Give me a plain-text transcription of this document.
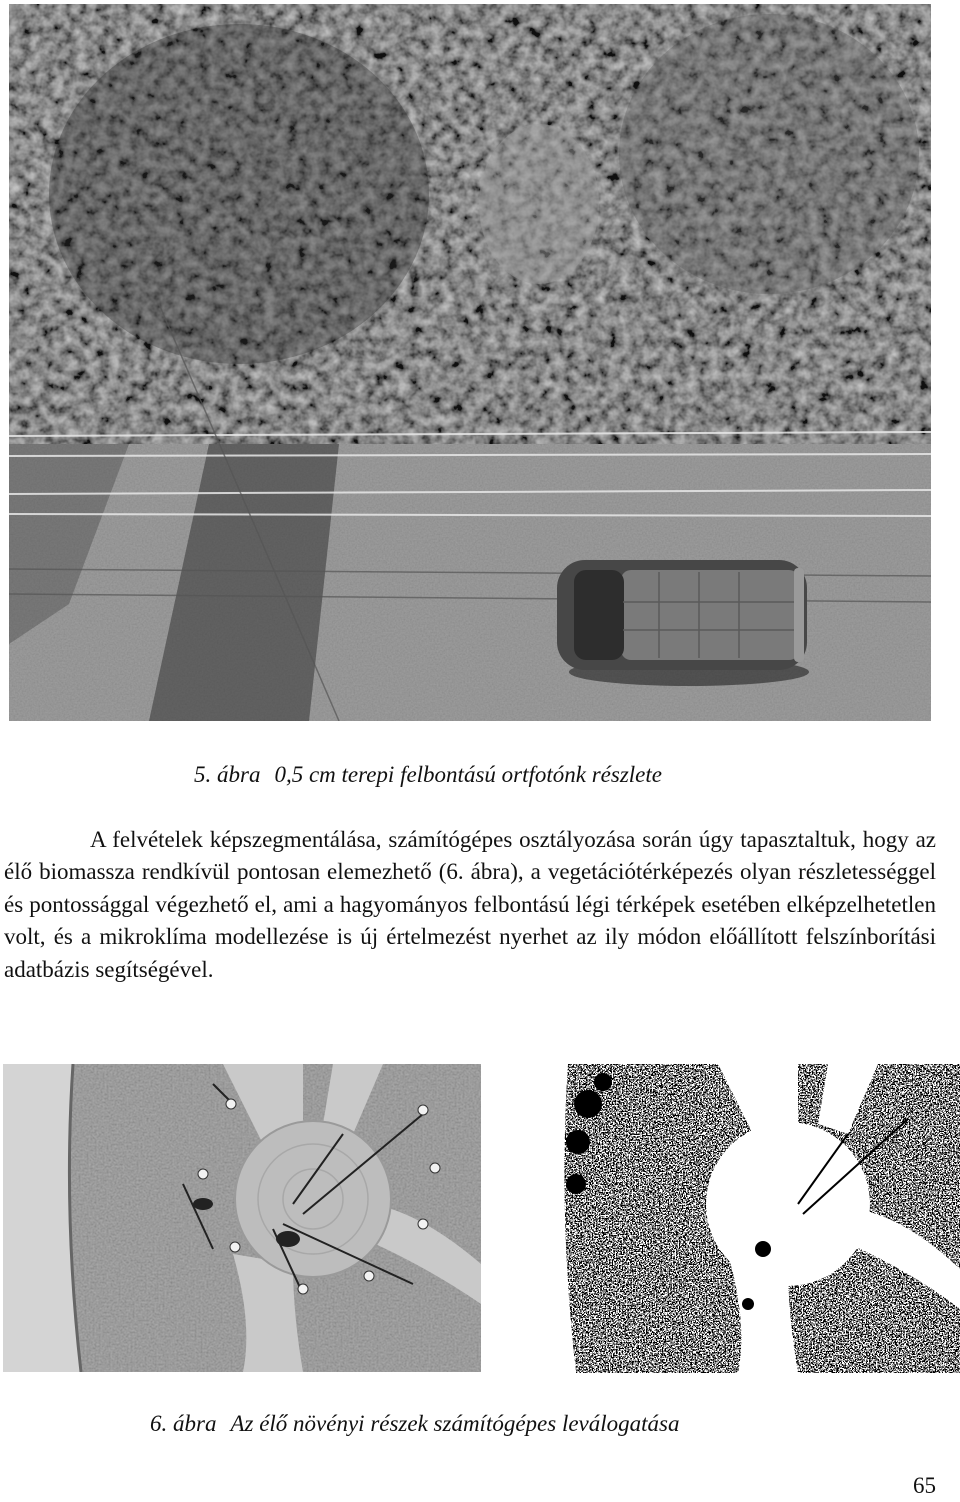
5. ábra 0,5 cm terepi felbontású ortfotónk részlete

A felvételek képszegmentálása, számítógépes osztályozása során úgy tapasztaltuk, hogy az élő biomassza rendkívül pontosan elemezhető (6. ábra), a vegetációtérképezés olyan részletességgel és pontossággal végezhető el, ami a hagyományos felbontású légi térképek esetében elképzelhetetlen volt, és a mikroklíma modellezése is új értelmezést nyerhet az ily módon előállított felszínborítási adatbázis segítségével.

6. ábra Az élő növényi részek számítógépes leválogatása
65
